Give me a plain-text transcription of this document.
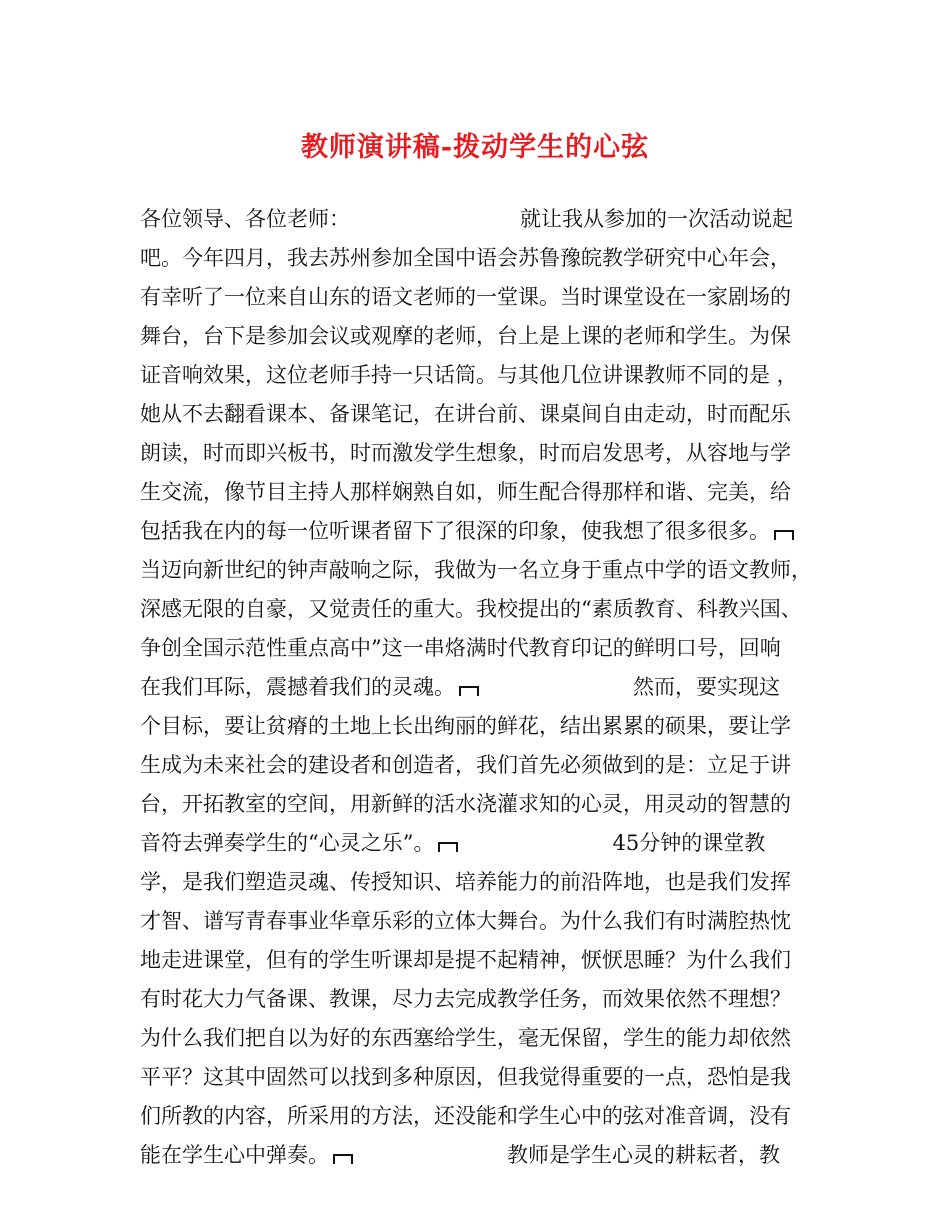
教师演讲稿-拨动学生的心弦
各位领导、各位老师：	就让我从参加的一次活动说起
吧。今年四月，我去苏州参加全国中语会苏鲁豫皖教学研究中心年会，
有幸听了一位来自山东的语文老师的一堂课。当时课堂设在一家剧场的
舞台，台下是参加会议或观摩的老师，台上是上课的老师和学生。为保
证音响效果，这位老师手持一只话筒。与其他几位讲课教师不同的是 ，
她从不去翻看课本、备课笔记，在讲台前、课桌间自由走动，时而配乐
朗读，时而即兴板书，时而激发学生想象，时而启发思考，从容地与学
生交流，像节目主持人那样娴熟自如，师生配合得那样和谐、完美，给
包括我在内的每一位听课者留下了很深的印象，使我想了很多很多。
当迈向新世纪的钟声敲响之际，我做为一名立身于重点中学的语文教师，
深感无限的自豪，又觉责任的重大。我校提出的“素质教育、科教兴国、
争创全国示范性重点高中”这一串烙满时代教育印记的鲜明口号，回响
在我们耳际，震撼着我们的灵魂。	然而，要实现这
个目标，要让贫瘠的土地上长出绚丽的鲜花，结出累累的硕果，要让学
生成为未来社会的建设者和创造者，我们首先必须做到的是：立足于讲
台，开拓教室的空间，用新鲜的活水浇灌求知的心灵，用灵动的智慧的
音符去弹奏学生的“心灵之乐”。	45分钟的课堂教
学，是我们塑造灵魂、传授知识、培养能力的前沿阵地，也是我们发挥
才智、谱写青春事业华章乐彩的立体大舞台。为什么我们有时满腔热忱
地走进课堂，但有的学生听课却是提不起精神，恹恹思睡？为什么我们
有时花大力气备课、教课，尽力去完成教学任务，而效果依然不理想？
为什么我们把自以为好的东西塞给学生，毫无保留，学生的能力却依然
平平？这其中固然可以找到多种原因，但我觉得重要的一点，恐怕是我
们所教的内容，所采用的方法，还没能和学生心中的弦对准音调，没有
能在学生心中弹奏。	教师是学生心灵的耕耘者，教
